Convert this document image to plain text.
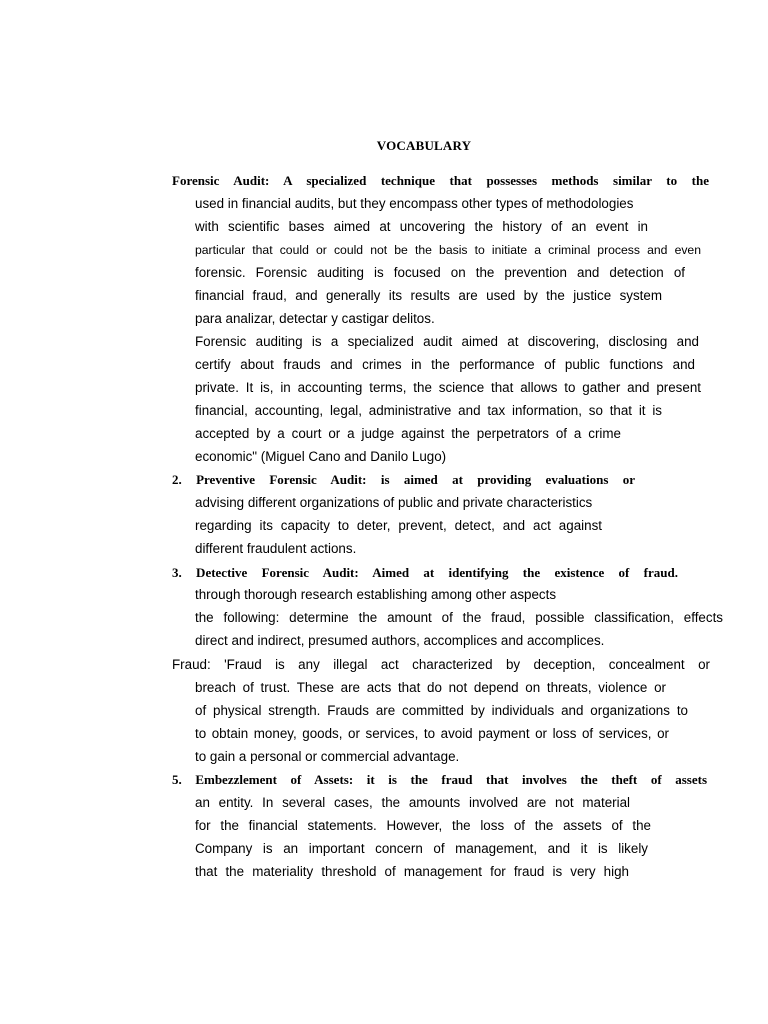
VOCABULARY
Forensic Audit: A specialized technique that possesses methods similar to the
used in financial audits, but they encompass other types of methodologies
with scientific bases aimed at uncovering the history of an event in
particular that could or could not be the basis to initiate a criminal process and even
forensic. Forensic auditing is focused on the prevention and detection of
financial fraud, and generally its results are used by the justice system
para analizar, detectar y castigar delitos.
Forensic auditing is a specialized audit aimed at discovering, disclosing and
certify about frauds and crimes in the performance of public functions and
private. It is, in accounting terms, the science that allows to gather and present
financial, accounting, legal, administrative and tax information, so that it is
accepted by a court or a judge against the perpetrators of a crime
economic" (Miguel Cano and Danilo Lugo)
2. Preventive Forensic Audit: is aimed at providing evaluations or
advising different organizations of public and private characteristics
regarding its capacity to deter, prevent, detect, and act against
different fraudulent actions.
3. Detective Forensic Audit: Aimed at identifying the existence of fraud.
through thorough research establishing among other aspects
the following: determine the amount of the fraud, possible classification, effects
direct and indirect, presumed authors, accomplices and accomplices.
Fraud: 'Fraud is any illegal act characterized by deception, concealment or
breach of trust. These are acts that do not depend on threats, violence or
of physical strength. Frauds are committed by individuals and organizations to
to obtain money, goods, or services, to avoid payment or loss of services, or
to gain a personal or commercial advantage.
5. Embezzlement of Assets: it is the fraud that involves the theft of assets
an entity. In several cases, the amounts involved are not material
for the financial statements. However, the loss of the assets of the
Company is an important concern of management, and it is likely
that the materiality threshold of management for fraud is very high
